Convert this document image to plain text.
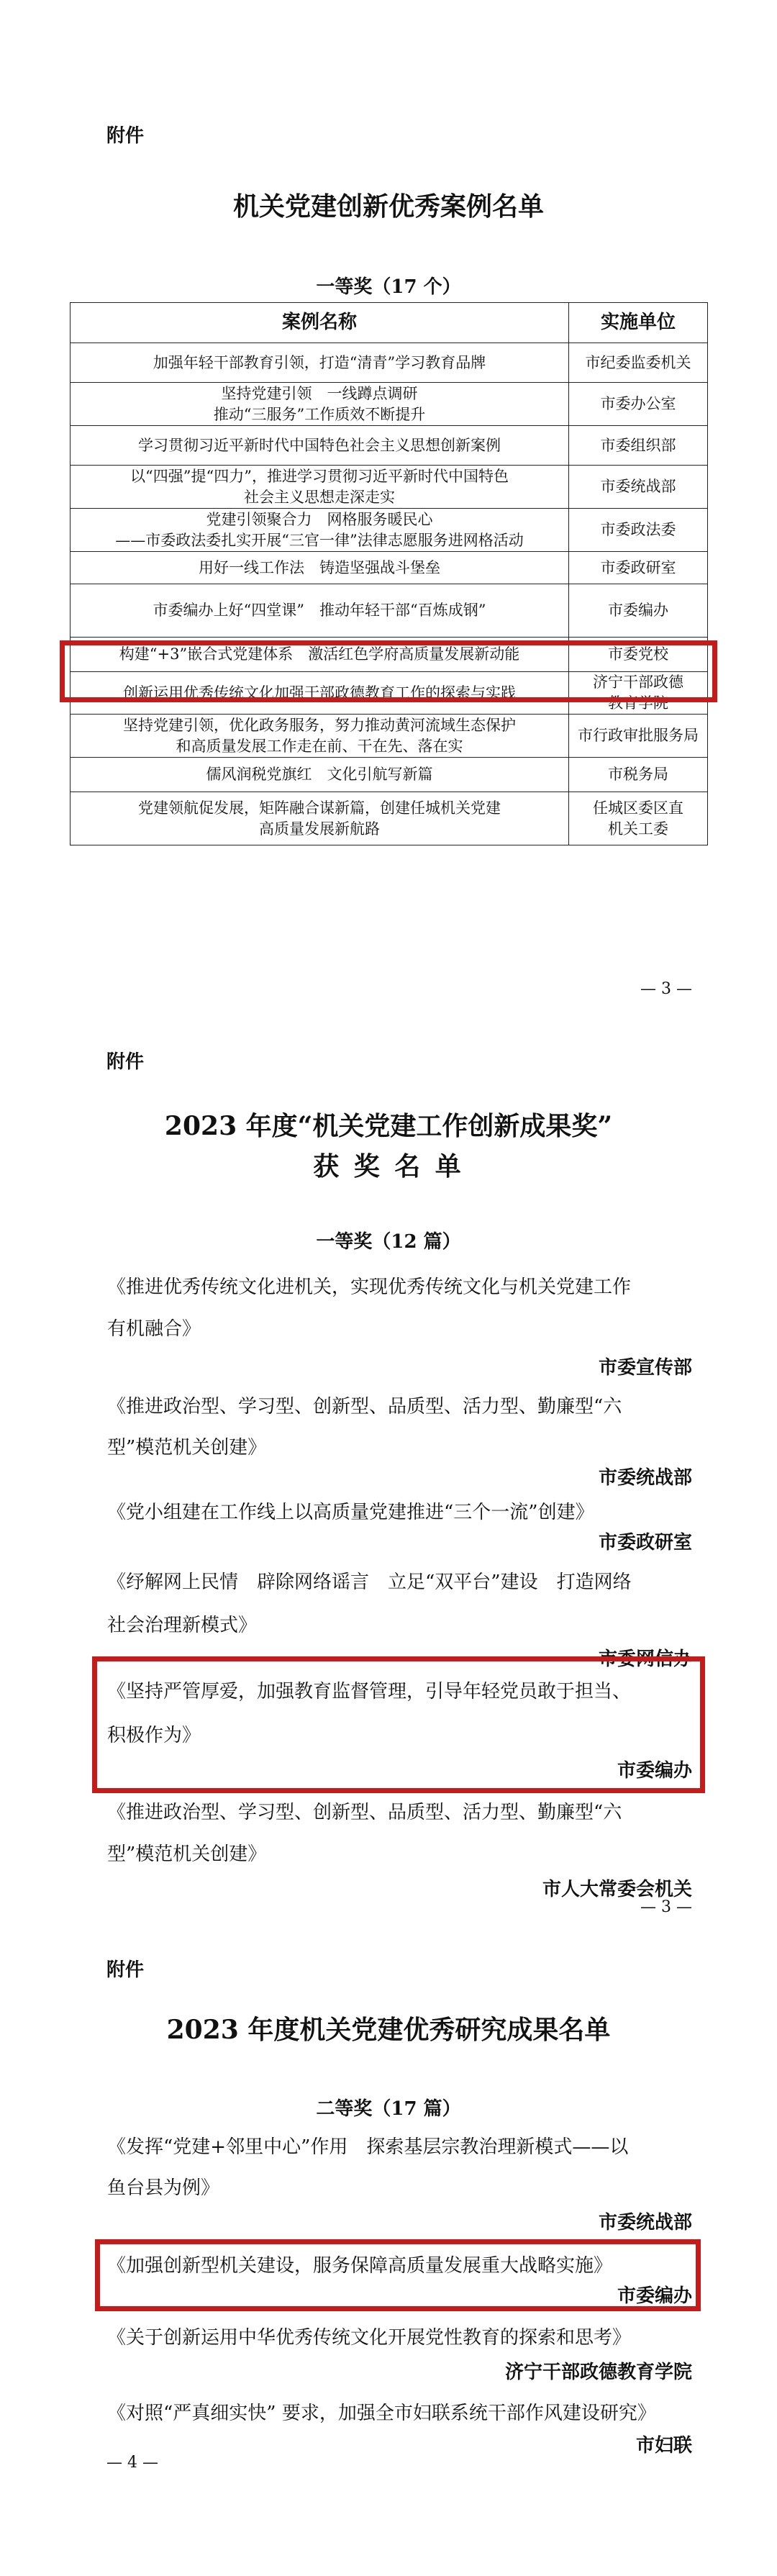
附件
机关党建创新优秀案例名单
一等奖（17 个）
案例名称	实施单位
加强年轻干部教育引领，打造“清青”学习教育品牌	市纪委监委机关
坚持党建引领　一线蹲点调研
推动“三服务”工作质效不断提升	市委办公室
学习贯彻习近平新时代中国特色社会主义思想创新案例	市委组织部
以“四强”提“四力”，推进学习贯彻习近平新时代中国特色
社会主义思想走深走实	市委统战部
党建引领聚合力　网格服务暖民心
——市委政法委扎实开展“三官一律”法律志愿服务进网格活动	市委政法委
用好一线工作法　铸造坚强战斗堡垒	市委政研室
市委编办上好“四堂课”　推动年轻干部“百炼成钢”	市委编办
构建“+3”嵌合式党建体系　激活红色学府高质量发展新动能	市委党校
创新运用优秀传统文化加强干部政德教育工作的探索与实践	济宁干部政德
教育学院
坚持党建引领，优化政务服务，努力推动黄河流域生态保护
和高质量发展工作走在前、干在先、落在实	市行政审批服务局
儒风润税党旗红　文化引航写新篇	市税务局
党建领航促发展，矩阵融合谋新篇，创建任城机关党建
高质量发展新航路	任城区委区直
机关工委
— 3 —
附件
2023 年度“机关党建工作创新成果奖”
获 奖 名 单
一等奖（12 篇）
《推进优秀传统文化进机关，实现优秀传统文化与机关党建工作
有机融合》
市委宣传部
《推进政治型、学习型、创新型、品质型、活力型、勤廉型“六
型”模范机关创建》
市委统战部
《党小组建在工作线上以高质量党建推进“三个一流”创建》
市委政研室
《纾解网上民情　辟除网络谣言　立足“双平台”建设　打造网络
社会治理新模式》
市委网信办
《坚持严管厚爱，加强教育监督管理，引导年轻党员敢于担当、
积极作为》
市委编办
《推进政治型、学习型、创新型、品质型、活力型、勤廉型“六
型”模范机关创建》
市人大常委会机关
— 3 —
附件
2023 年度机关党建优秀研究成果名单
二等奖（17 篇）
《发挥“党建+邻里中心”作用　探索基层宗教治理新模式——以
鱼台县为例》
市委统战部
《加强创新型机关建设，服务保障高质量发展重大战略实施》
市委编办
《关于创新运用中华优秀传统文化开展党性教育的探索和思考》
济宁干部政德教育学院
《对照“严真细实快” 要求，加强全市妇联系统干部作风建设研究》
市妇联
— 4 —
